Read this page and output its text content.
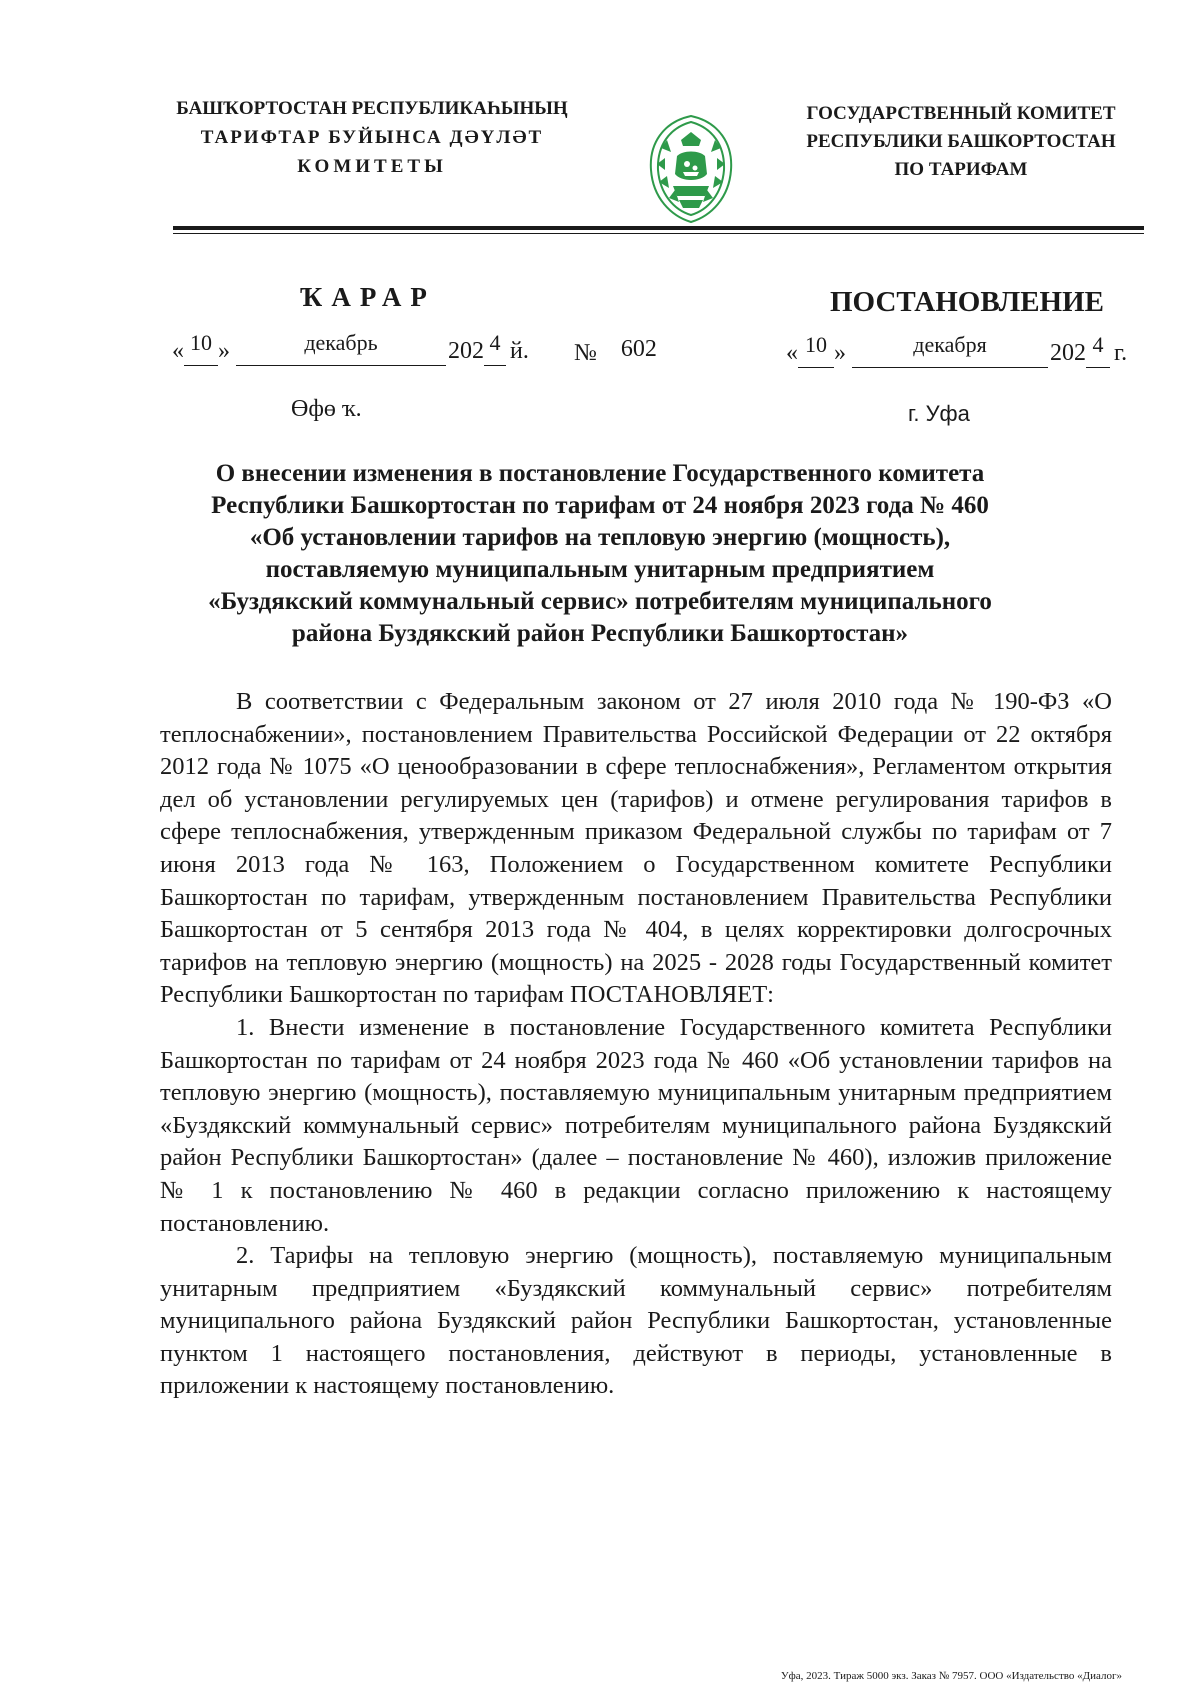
БАШҠОРТОСТАН РЕСПУБЛИКАҺЫНЫҢ
ТАРИФТАР БУЙЫНСА ДӘҮЛӘТ
КОМИТЕТЫ
ГОСУДАРСТВЕННЫЙ КОМИТЕТ
РЕСПУБЛИКИ БАШКОРТОСТАН
ПО ТАРИФАМ
ҠАРАР	ПОСТАНОВЛЕНИЕ
« 10 »	декабрь	202 4 й. № 602	« 10 »	декабря	202 4 г.
Өфө ҡ.	г. Уфа
О внесении изменения в постановление Государственного комитета
Республики Башкортостан по тарифам от 24 ноября 2023 года № 460
«Об установлении тарифов на тепловую энергию (мощность),
поставляемую муниципальным унитарным предприятием
«Буздякский коммунальный сервис» потребителям муниципального
района Буздякский район Республики Башкортостан»

В соответствии с Федеральным законом от 27 июля 2010 года № 190-ФЗ «О теплоснабжении», постановлением Правительства Российской Федерации от 22 октября 2012 года № 1075 «О ценообразовании в сфере теплоснабжения», Регламентом открытия дел об установлении регулируемых цен (тарифов) и отмене регулирования тарифов в сфере теплоснабжения, утвержденным приказом Федеральной службы по тарифам от 7 июня 2013 года № 163, Положением о Государственном комитете Республики Башкортостан по тарифам, утвержденным постановлением Правительства Республики Башкортостан от 5 сентября 2013 года № 404, в целях корректировки долгосрочных тарифов на тепловую энергию (мощность) на 2025 - 2028 годы Государственный комитет Республики Башкортостан по тарифам ПОСТАНОВЛЯЕТ:

1. Внести изменение в постановление Государственного комитета Республики Башкортостан по тарифам от 24 ноября 2023 года № 460 «Об установлении тарифов на тепловую энергию (мощность), поставляемую муниципальным унитарным предприятием «Буздякский коммунальный сервис» потребителям муниципального района Буздякский район Республики Башкортостан» (далее – постановление № 460), изложив приложение № 1 к постановлению № 460 в редакции согласно приложению к настоящему постановлению.

2. Тарифы на тепловую энергию (мощность), поставляемую муниципальным унитарным предприятием «Буздякский коммунальный сервис» потребителям муниципального района Буздякский район Республики Башкортостан, установленные пунктом 1 настоящего постановления, действуют в периоды, установленные в приложении к настоящему постановлению.

Уфа, 2023. Тираж 5000 экз. Заказ № 7957. ООО «Издательство «Диалог»
